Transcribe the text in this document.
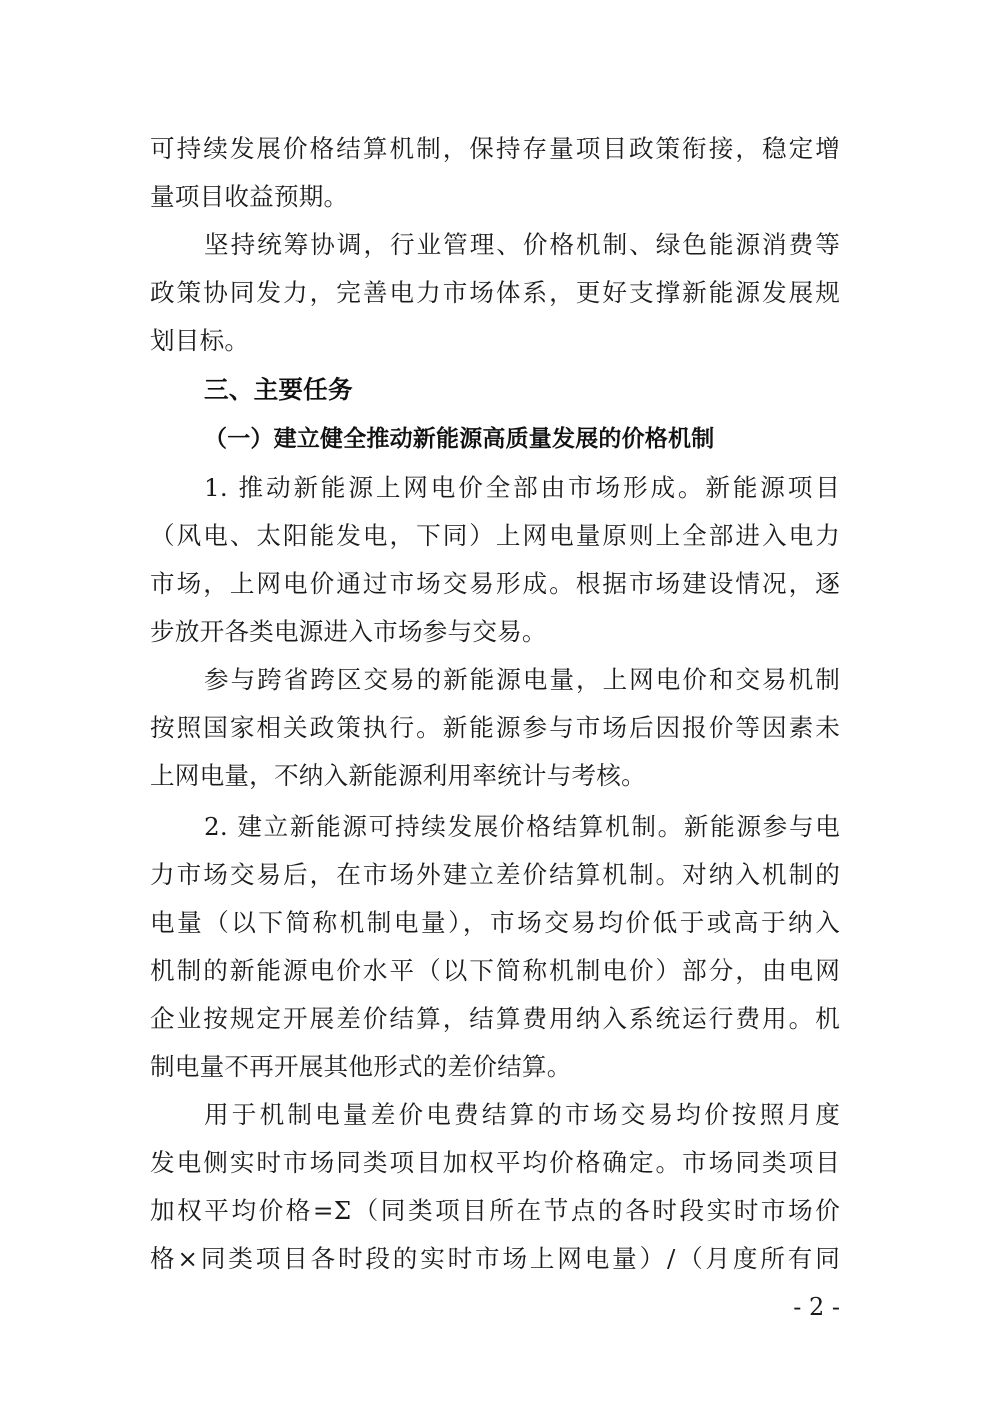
可持续发展价格结算机制，保持存量项目政策衔接，稳定增
量项目收益预期。
坚持统筹协调，行业管理、价格机制、绿色能源消费等
政策协同发力，完善电力市场体系，更好支撑新能源发展规
划目标。
三、主要任务
（一）建立健全推动新能源高质量发展的价格机制
1. 推动新能源上网电价全部由市场形成。新能源项目
（风电、太阳能发电，下同）上网电量原则上全部进入电力
市场，上网电价通过市场交易形成。根据市场建设情况，逐
步放开各类电源进入市场参与交易。
参与跨省跨区交易的新能源电量，上网电价和交易机制
按照国家相关政策执行。新能源参与市场后因报价等因素未
上网电量，不纳入新能源利用率统计与考核。
2. 建立新能源可持续发展价格结算机制。新能源参与电
力市场交易后，在市场外建立差价结算机制。对纳入机制的
电量（以下简称机制电量），市场交易均价低于或高于纳入
机制的新能源电价水平（以下简称机制电价）部分，由电网
企业按规定开展差价结算，结算费用纳入系统运行费用。机
制电量不再开展其他形式的差价结算。
用于机制电量差价电费结算的市场交易均价按照月度
发电侧实时市场同类项目加权平均价格确定。市场同类项目
加权平均价格=Σ（同类项目所在节点的各时段实时市场价
格×同类项目各时段的实时市场上网电量）/（月度所有同
- 2 -
